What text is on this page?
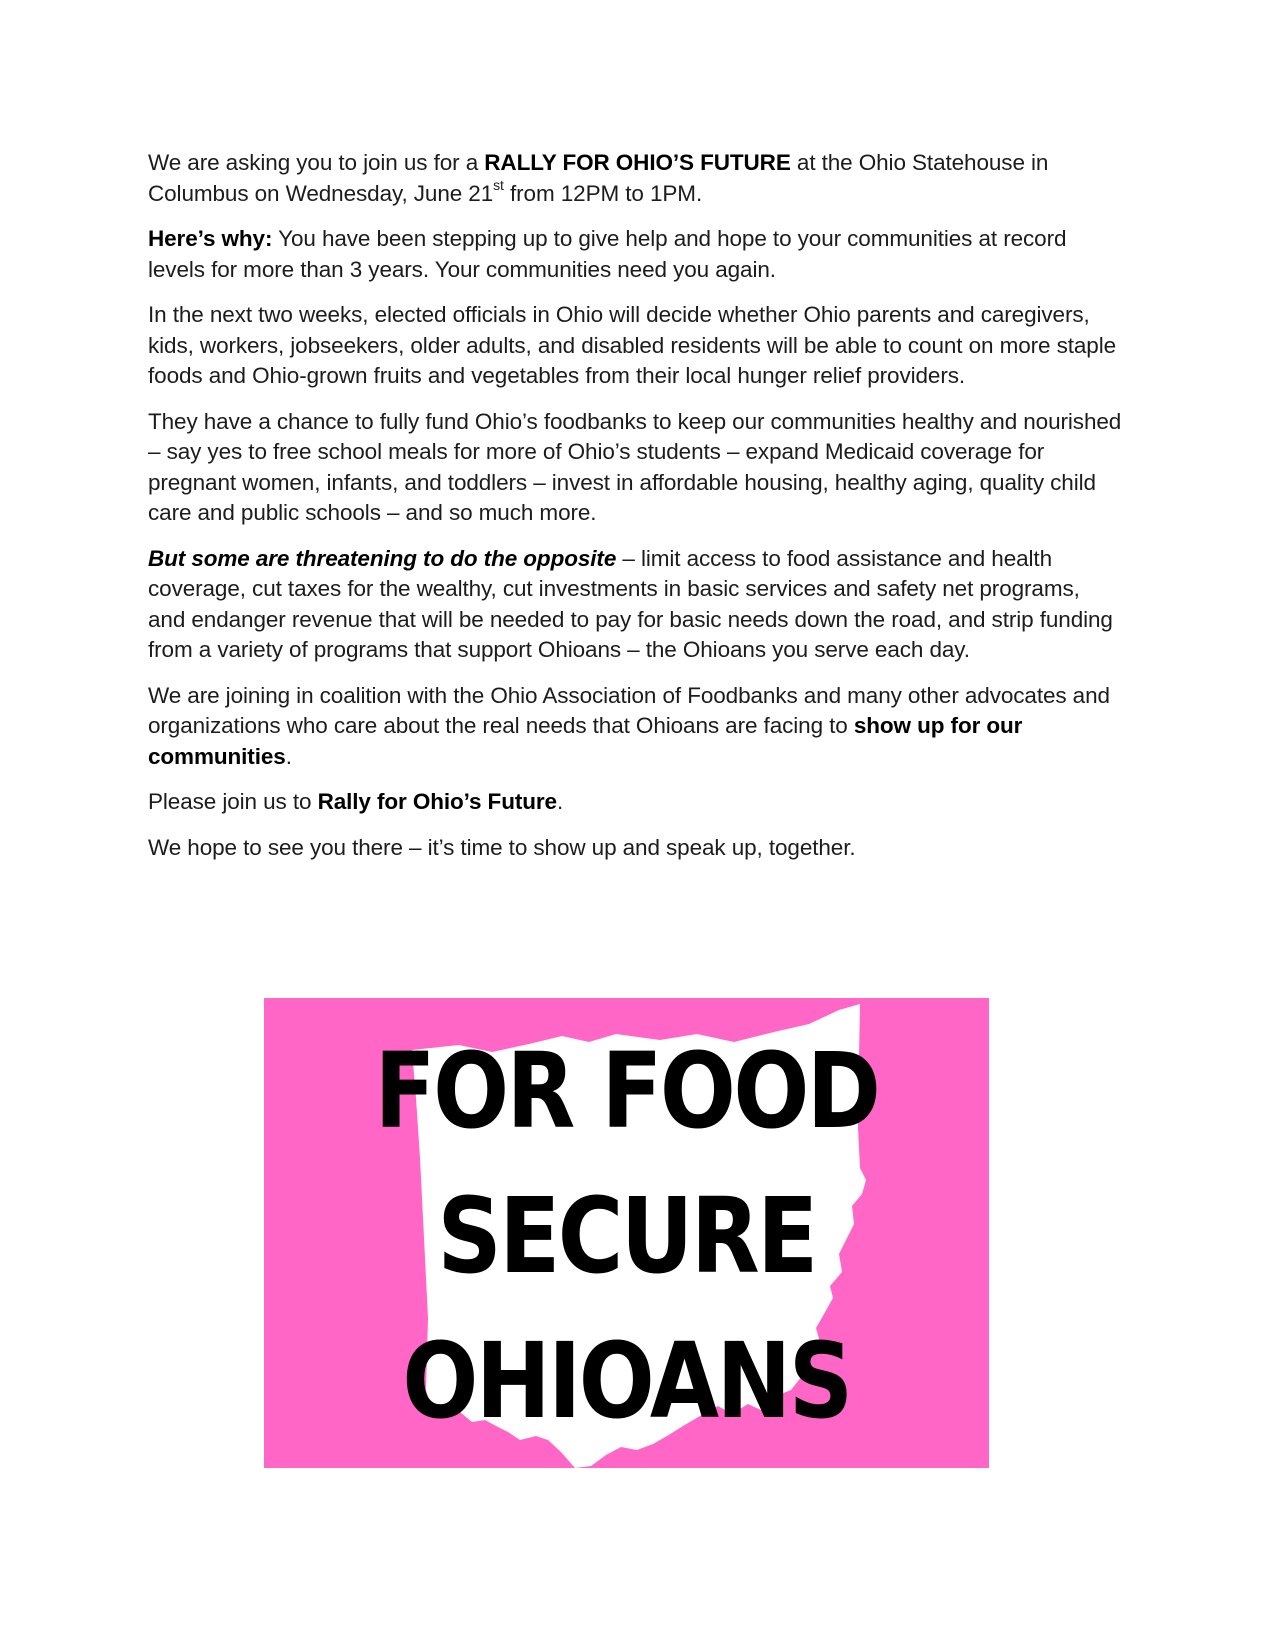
We are asking you to join us for a RALLY FOR OHIO’S FUTURE at the Ohio Statehouse in Columbus on Wednesday, June 21st from 12PM to 1PM.

Here’s why: You have been stepping up to give help and hope to your communities at record levels for more than 3 years. Your communities need you again.

In the next two weeks, elected officials in Ohio will decide whether Ohio parents and caregivers, kids, workers, jobseekers, older adults, and disabled residents will be able to count on more staple foods and Ohio-grown fruits and vegetables from their local hunger relief providers.

They have a chance to fully fund Ohio’s foodbanks to keep our communities healthy and nourished – say yes to free school meals for more of Ohio’s students – expand Medicaid coverage for pregnant women, infants, and toddlers – invest in affordable housing, healthy aging, quality child care and public schools – and so much more.

But some are threatening to do the opposite – limit access to food assistance and health coverage, cut taxes for the wealthy, cut investments in basic services and safety net programs, and endanger revenue that will be needed to pay for basic needs down the road, and strip funding from a variety of programs that support Ohioans – the Ohioans you serve each day.

We are joining in coalition with the Ohio Association of Foodbanks and many other advocates and organizations who care about the real needs that Ohioans are facing to show up for our communities.

Please join us to Rally for Ohio’s Future.

We hope to see you there – it’s time to show up and speak up, together.

FOR FOOD
SECURE
OHIOANS
